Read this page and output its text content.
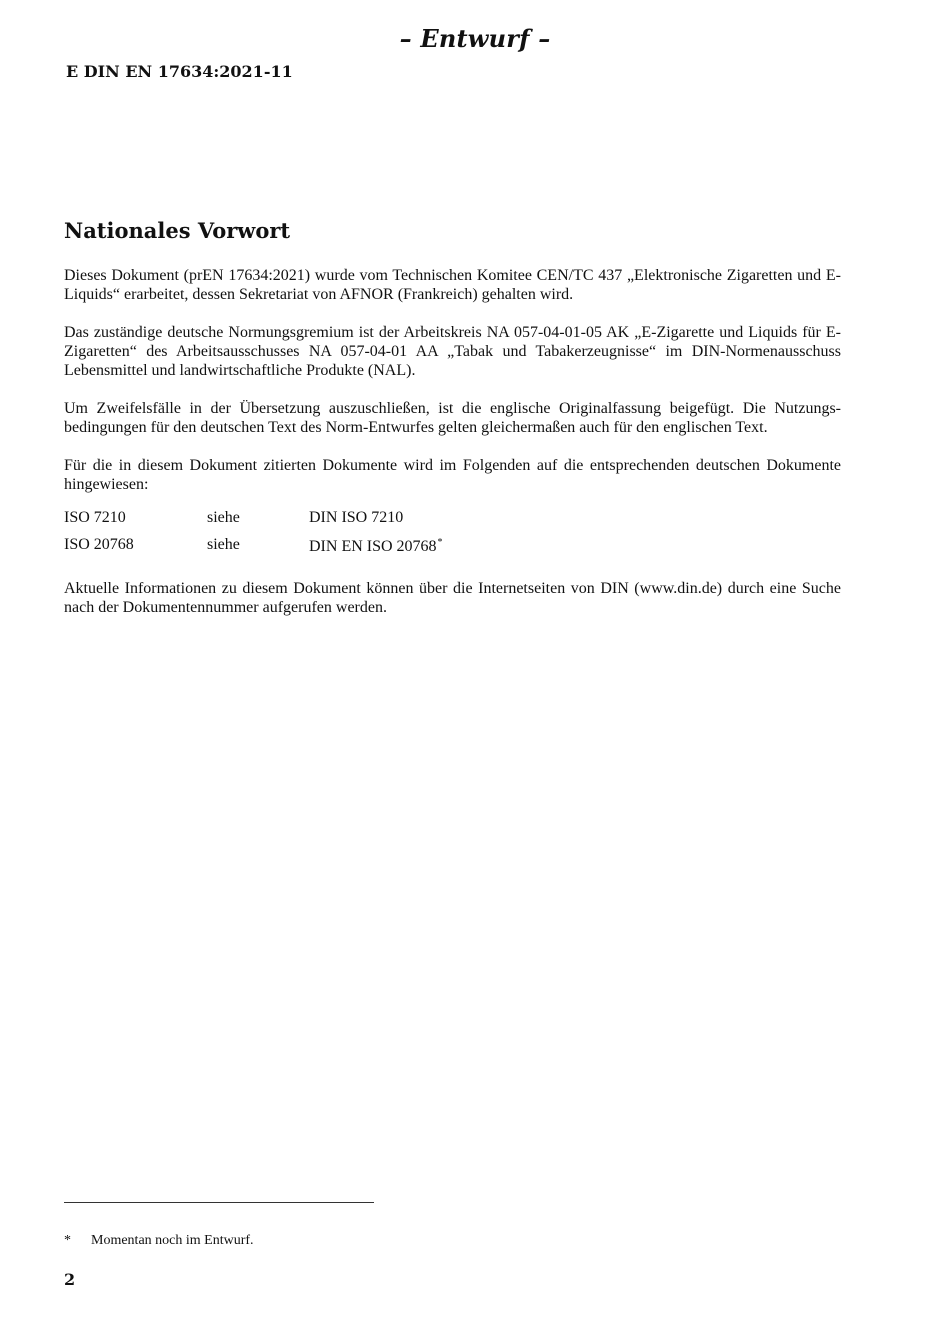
– Entwurf –
E DIN EN 17634:2021-11
Nationales Vorwort

Dieses Dokument (prEN 17634:2021) wurde vom Technischen Komitee CEN/TC 437 „Elektronische Zigaretten und E-Liquids“ erarbeitet, dessen Sekretariat von AFNOR (Frankreich) gehalten wird.

Das zuständige deutsche Normungsgremium ist der Arbeitskreis NA 057-04-01-05 AK „E-Zigarette und Liquids für E-Zigaretten“ des Arbeitsausschusses NA 057-04-01 AA „Tabak und Tabakerzeugnisse“ im DIN-Normenausschuss Lebensmittel und landwirtschaftliche Produkte (NAL).

Um Zweifelsfälle in der Übersetzung auszuschließen, ist die englische Originalfassung beigefügt. Die Nutzungsbedingungen für den deutschen Text des Norm-Entwurfes gelten gleichermaßen auch für den englischen Text.

Für die in diesem Dokument zitierten Dokumente wird im Folgenden auf die entsprechenden deutschen Dokumente hingewiesen:

ISO 7210	siehe	DIN ISO 7210
ISO 20768	siehe	DIN EN ISO 20768*

Aktuelle Informationen zu diesem Dokument können über die Internetseiten von DIN (www.din.de) durch eine Suche nach der Dokumentennummer aufgerufen werden.

* Momentan noch im Entwurf.
2
